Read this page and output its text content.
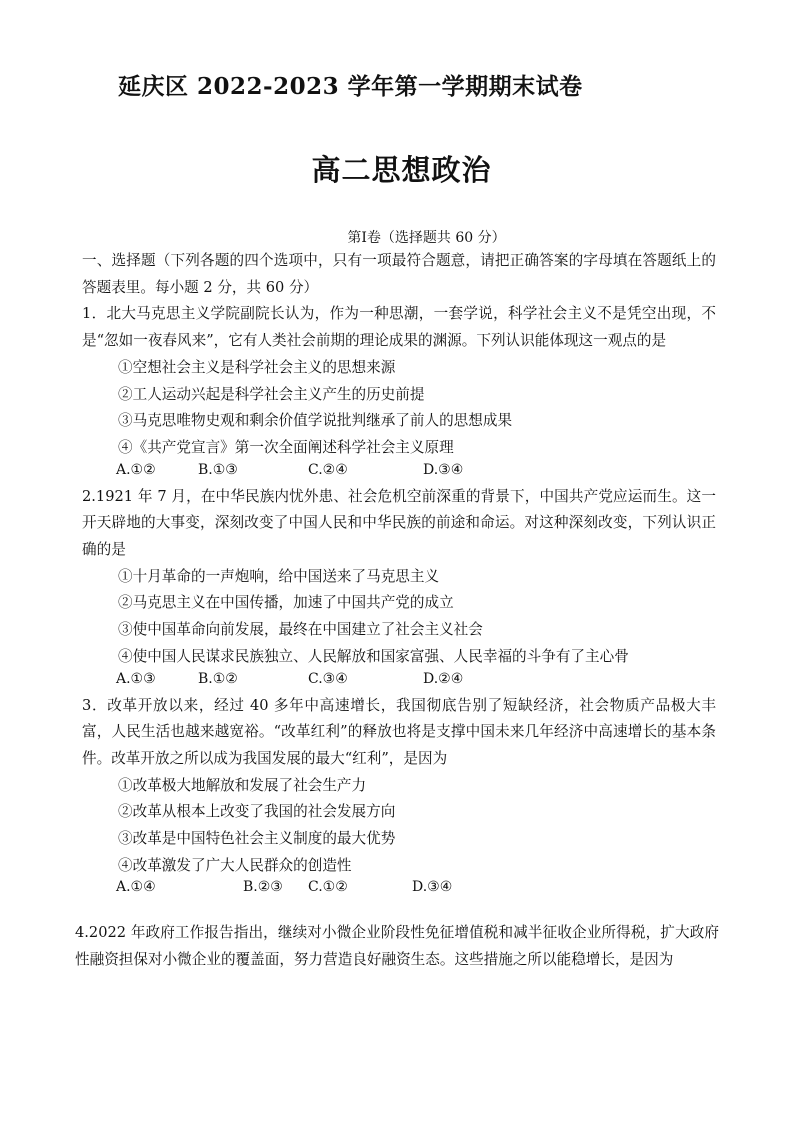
延庆区 2022-2023 学年第一学期期末试卷
高二思想政治
第Ⅰ卷（选择题共 60 分）

一、选择题（下列各题的四个选项中，只有一项最符合题意，请把正确答案的字母填在答题纸上的答题表里。每小题 2 分，共 60 分）

1．北大马克思主义学院副院长认为，作为一种思潮，一套学说，科学社会主义不是凭空出现，不是“忽如一夜春风来”，它有人类社会前期的理论成果的渊源。下列认识能体现这一观点的是

①空想社会主义是科学社会主义的思想来源
②工人运动兴起是科学社会主义产生的历史前提
③马克思唯物史观和剩余价值学说批判继承了前人的思想成果
④《共产党宣言》第一次全面阐述科学社会主义原理
A.①②	B.①③	C.②④	D.③④

2.1921 年 7 月，在中华民族内忧外患、社会危机空前深重的背景下，中国共产党应运而生。这一开天辟地的大事变，深刻改变了中国人民和中华民族的前途和命运。对这种深刻改变，下列认识正确的是

①十月革命的一声炮响，给中国送来了马克思主义
②马克思主义在中国传播，加速了中国共产党的成立
③使中国革命向前发展，最终在中国建立了社会主义社会
④使中国人民谋求民族独立、人民解放和国家富强、人民幸福的斗争有了主心骨
A.①③	B.①②	C.③④	D.②④

3．改革开放以来，经过 40 多年中高速增长，我国彻底告别了短缺经济，社会物质产品极大丰富，人民生活也越来越宽裕。“改革红利”的释放也将是支撑中国未来几年经济中高速增长的基本条件。改革开放之所以成为我国发展的最大“红利”，是因为

①改革极大地解放和发展了社会生产力
②改革从根本上改变了我国的社会发展方向
③改革是中国特色社会主义制度的最大优势
④改革激发了广大人民群众的创造性
A.①④	B.②③ C.①②	D.③④

4.2022 年政府工作报告指出，继续对小微企业阶段性免征增值税和减半征收企业所得税，扩大政府性融资担保对小微企业的覆盖面，努力营造良好融资生态。这些措施之所以能稳增长，是因为
